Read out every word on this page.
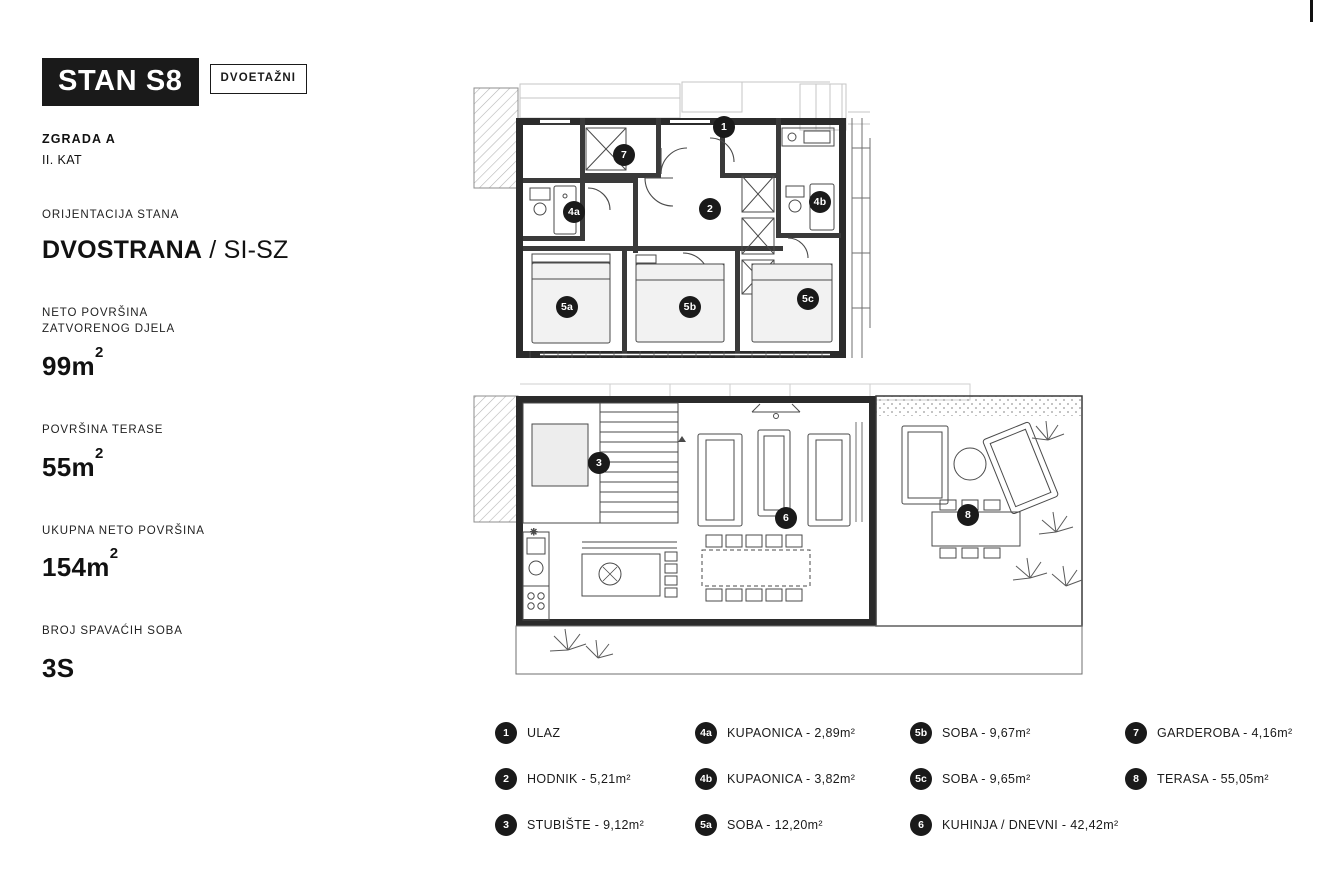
STAN S8	DVOETAŽNI
ZGRADA A
II. KAT
ORIJENTACIJA STANA
DVOSTRANA / SI-SZ
NETO POVRŠINA
ZATVORENOG DJELA
$99m^2$
POVRŠINA TERASE
$55m^2$
UKUPNA NETO POVRŠINA
$154m^2$
BROJ SPAVAĆIH SOBA
3S
1
7
2
4a
4b
5a	5b
5c
✳
3
6	8
1	ULAZ	4a	KUPAONICA - 2,89m²	5b	SOBA - 9,67m²	7	GARDEROBA - 4,16m²
2	HODNIK - 5,21m²	4b	KUPAONICA - 3,82m²	5c	SOBA - 9,65m²	8	TERASA - 55,05m²
3	STUBIŠTE - 9,12m²	5a	SOBA - 12,20m²	6	KUHINJA / DNEVNI - 42,42m²
